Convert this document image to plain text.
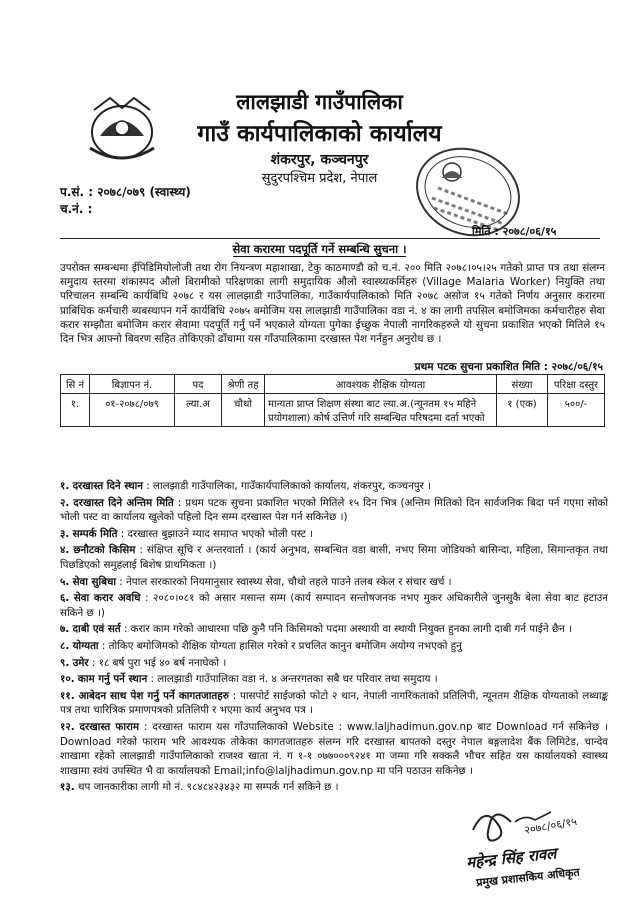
लालझाडी गाउँपालिका
गाउँ कार्यपालिकाको कार्यालय
शंकरपुर, कञ्चनपुर
सुदुरपश्चिम प्रदेश, नेपाल
प.सं. : २०७८/०७९ (स्वास्थ्य)
च.नं. :
मिति : २०७८/०६/१५
सेवा करारमा पदपूर्ति गर्ने सम्बन्धि सुचना ।
उपरोक्त सम्बन्धमा ईपिडिमियोलोजी तथा रोग नियन्त्रण महाशाखा, टेकु काठमाण्डौ को च.नं. २०० मिति २०७८।०५।२५ गतेको प्राप्त पत्र तथा संलग्न समुदाय स्तरमा शंकास्पद औलो बिरामीको परिक्षणका लागी समुदायिक औलो स्वास्थ्यकर्मिहरु (Village Malaria Worker) नियुक्ति तथा परिचालन सम्बन्धि कार्यबिधि २०७८ र यस लालझाडी गाउँपालिका, गाउँकार्यपालिकाको मिति २०७८ असोज १५ गतेको निर्णय अनुसार करारमा प्राबिधिक कर्मचारी ब्यबस्थापन गर्ने कार्यबिधि २०७५ बमोजिम यस लालझाडी गाउँपालिका वडा नं. ४ का लागी तपसिल बमोजिमका कर्मचारीहरु सेवा करार सम्झौता बमोजिम करार सेवामा पदपूर्ति गर्नु पर्ने भएकाले योग्यता पुगेका ईच्छुक नेपाली नागरिकहरुले यो सुचना प्रकाशित भएको मितिले १५ दिन भित्र आफ्नो बिवरण सहित तोकिएको ढाँचामा यस गाँउपालिकामा दरखास्त पेश गर्नहुन अनुरोध छ ।
प्रथम पटक सुचना प्रकाशित मिति : २०७८/०६/१५
सि नं	बिज्ञापन नं.	पद	श्रेणी तह	आवश्यक शैक्षिक योग्यता	संख्या	परिक्षा दस्तुर
१.	०१-२०७८/०७९	ल्या.अ	चौथो	मान्यता प्राप्त शिक्षण संस्था बाट ल्या.अ.(न्यूनतम १५ महिने प्रयोगशाला) कोर्ष उत्तिर्ण गरि सम्बन्धित परिषदमा दर्ता भएको	१ (एक)	५००/-
१. दरखास्त दिने स्थान : लालझाडी गाउँपालिका, गाउँकार्यपालिकाको कार्यालय, शंकरपुर, कञ्चनपुर ।
२. दरखास्त दिने अन्तिम मिति : प्रथम पटक सुचना प्रकाशित भएको मितिले १५ दिन भित्र (अन्तिम मितिको दिन सार्वजनिक बिदा पर्न गएमा सोको भोली पस्ट वा कार्यालय खुलेको पहिलो दिन सम्म दरखास्त पेश गर्न सकिनेछ ।)
३. सम्पर्क मिति : दरखास्त बुझाउने म्याद समाप्त भएको भोली पस्ट ।
४. छनौटको किसिम : संक्षिप्त सूचि र अन्तरवार्ता । (कार्य अनुभव, सम्बन्धित वडा बासी, नभए सिमा जोडियको बासिन्दा, महिला, सिमान्तकृत तथा पिछडिएको समुहलाई बिशेष प्राथमिकता ।)
५. सेवा सुबिधा : नेपाल सरकारको नियमानुसार स्वास्थ्य सेवा, चौथो तहले पाउने तलब स्केल र संचार खर्च ।
६. सेवा करार अवधि : २०८०।०८१ को असार मसान्त सम्म (कार्य सम्पादन सन्तोषजनक नभए मुकर अधिकारीले जुनसुकै बेला सेवा बाट हटाउन सकिने छ ।)
७. दाबी एवं सर्त : करार काम गरेको आधारमा पछि कुनै पनि किसिमको पदमा अस्थायी वा स्थायी नियुक्त हुनका लागी दाबी गर्न पाईने छैन ।
८. योग्यता : तोकिए बमोजिमको शैक्षिक योग्यता हासिल गरेको र प्रचलित कानुन बमोजिम अयोग्य नभएको हुनु
९. उमेर : १८ बर्ष पुरा भई ४० बर्ष ननाघेको ।
१०. काम गर्नु पर्ने स्थान : लालझाडी गाउँपालिका वडा नं. ४ अन्तरगतका सबै घर परिवार तथा समुदाय ।
११. आबेदन साथ पेश गर्नु पर्ने कागतजातहरु : पासपोर्ट साईजको फोटो २ थान, नेपाली नागरिकताको प्रतिलिपी, न्यूनतम शैक्षिक योग्यताको लब्धाङ्क पत्र तथा चारित्रिक प्रमाणपत्रको प्रतिलिपी र भएमा कार्य अनुभव पत्र ।
१२. दरखास्त फाराम : दरखास्त फाराम यस गाँउपालिकाको Website : www.laljhadimun.gov.np बाट Download गर्न सकिनेछ । Download गरेको फाराम भरि आवश्यक तोकेका कागतजातहरु संलग्न गरि दरखास्त बापतको दस्तुर नेपाल बङ्गलादेश बैंक लिमिटेड, चान्देव शाखामा रहेको लालझाडी गाउँपालिकाको राजश्व खाता नं. ग १-१ ०७७०००९२४१ मा जम्मा गरि सक्कलै भौचर सहित यस कार्यालयको स्वास्थ्य शाखामा स्वंयं उपस्थित भै वा कार्यालयको Email;info@laljhadimun.gov.np मा पनि पठाउन सकिनेछ ।
१३. थप जानकारीका लागी मो नं. ९८४८४२३४३२ मा सम्पर्क गर्न सकिने छ ।
२०७८/०६/१५
महेन्द्र सिंह रावल
प्रमुख प्रशासकिय अधिकृत
